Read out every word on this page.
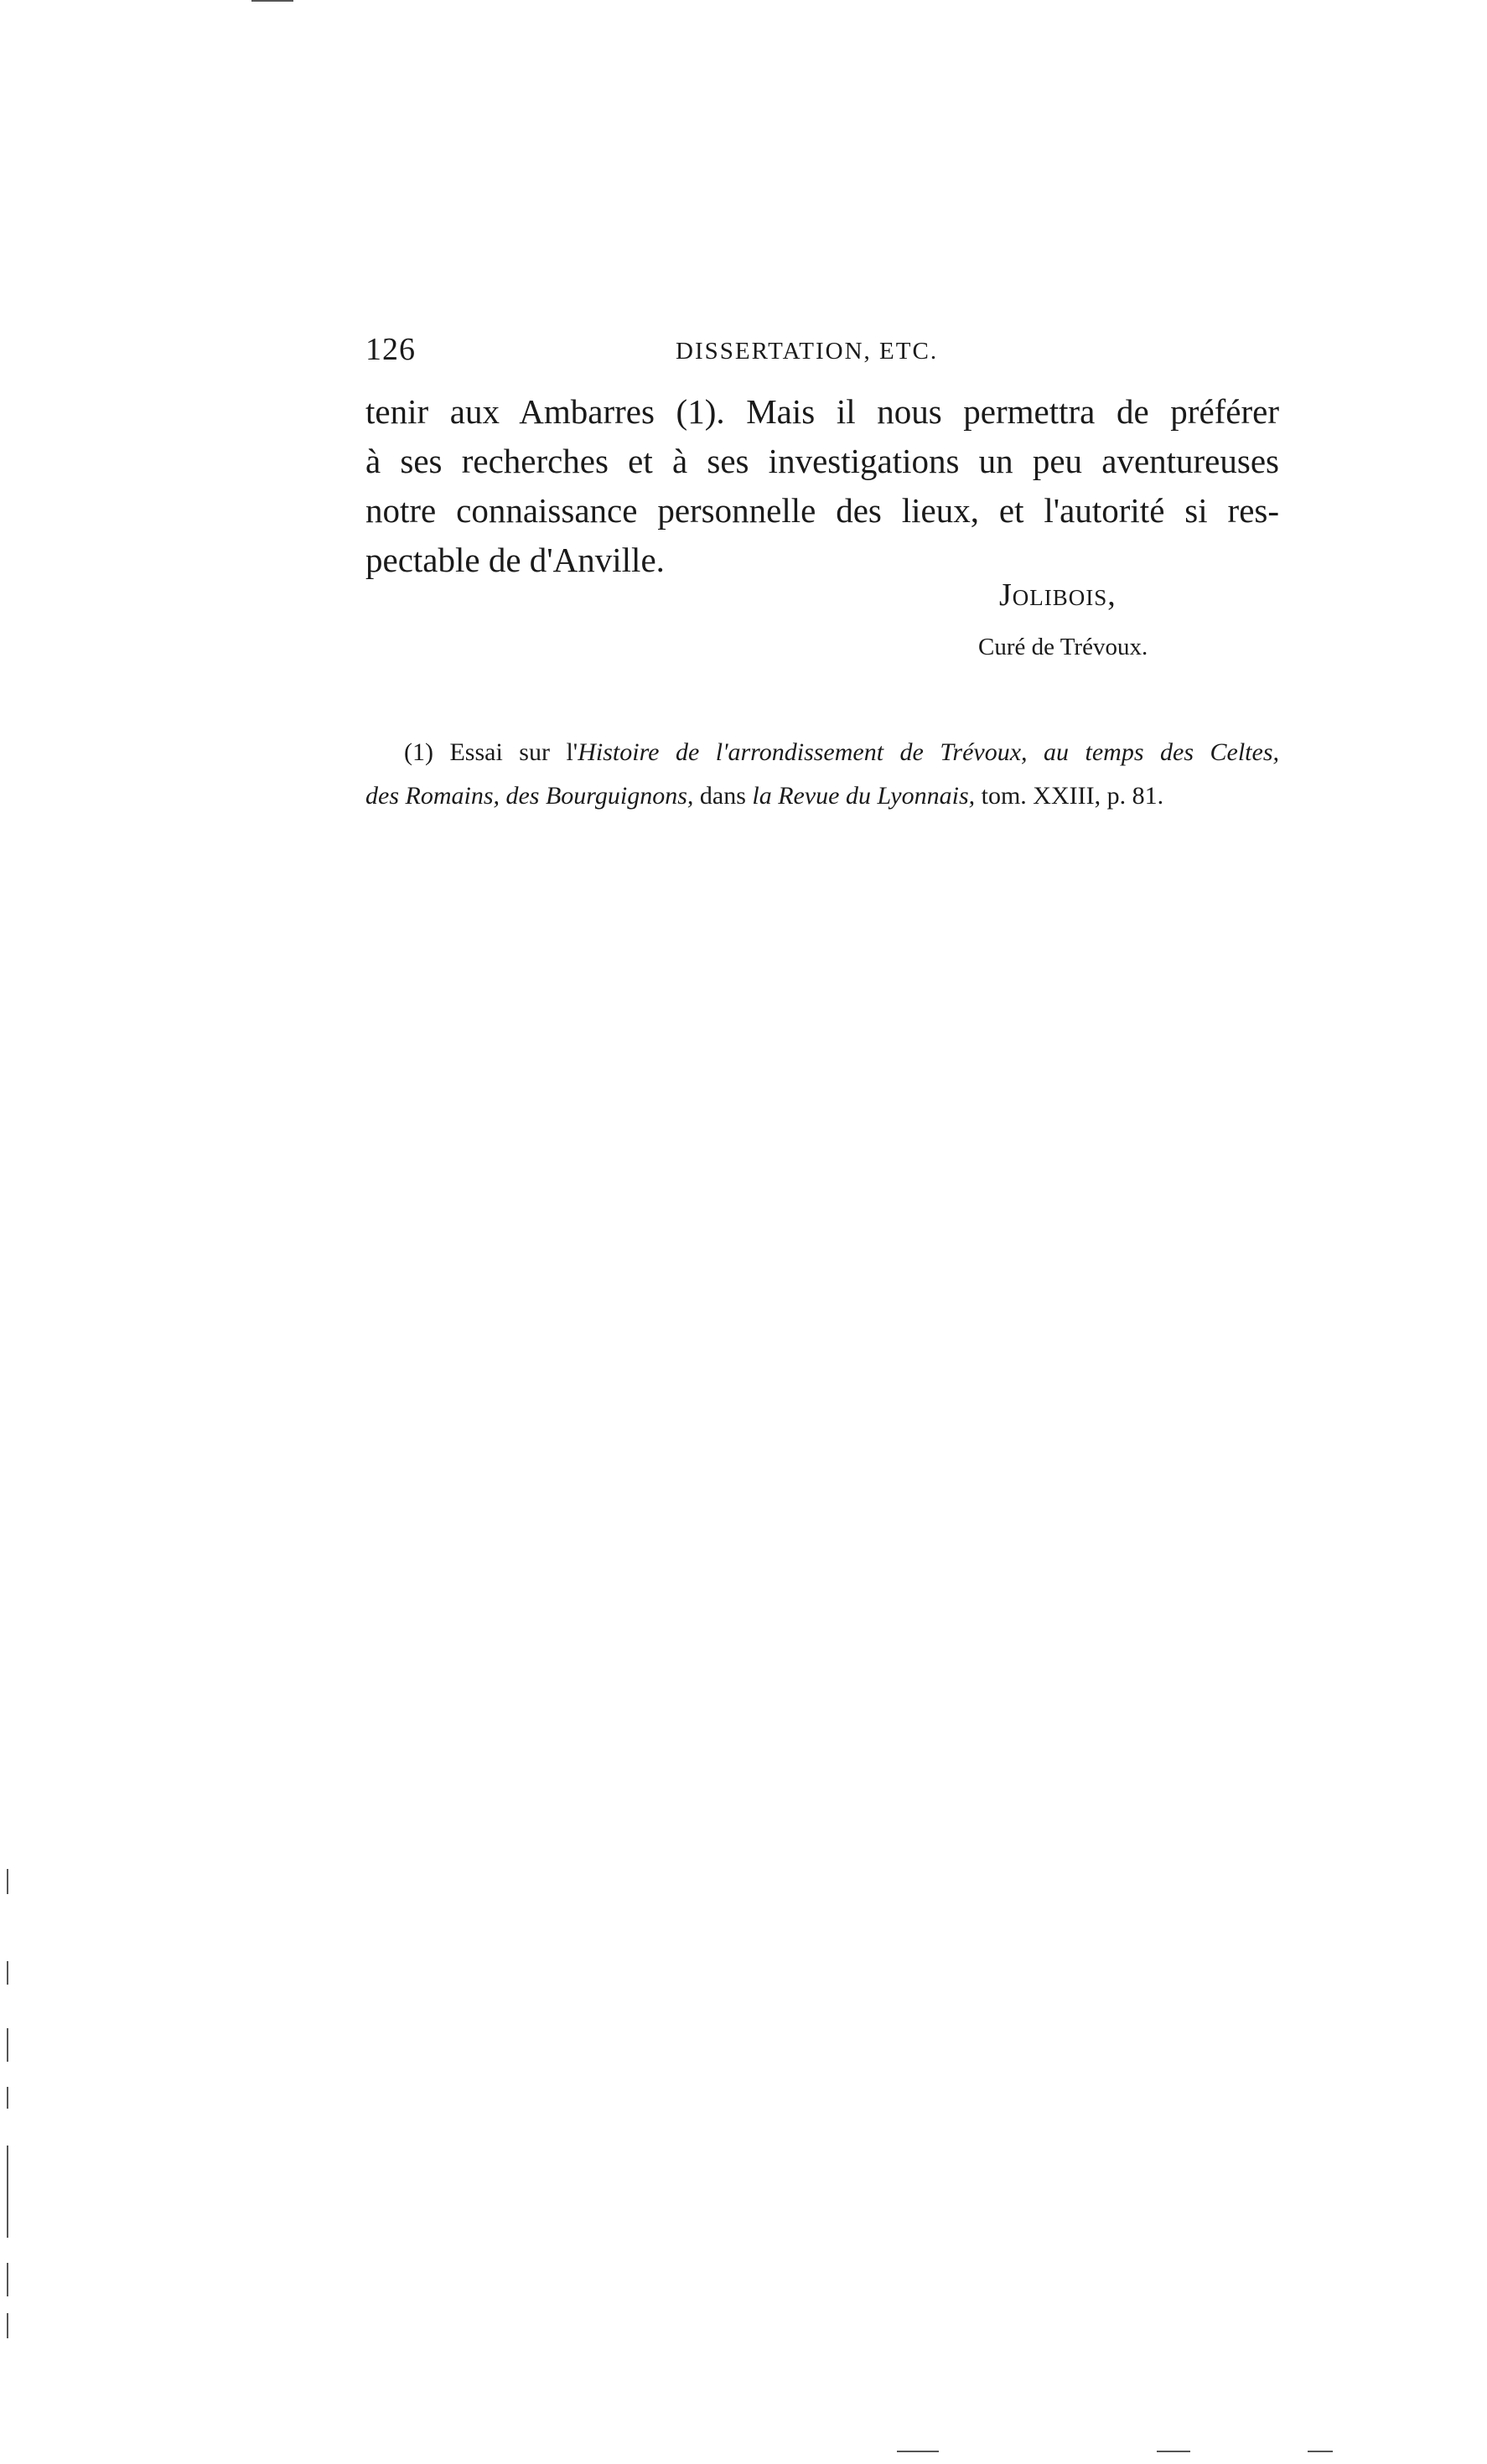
126	DISSERTATION, ETC.
tenir aux Ambarres (1). Mais il nous permettra de préférer
à ses recherches et à ses investigations un peu aventureuses
notre connaissance personnelle des lieux, et l'autorité si res-
pectable de d'Anville.
Jolibois,
Curé de Trévoux.
(1) Essai sur l'Histoire de l'arrondissement de Trévoux, au temps des Celtes,
des Romains, des Bourguignons, dans la Revue du Lyonnais, tom. XXIII, p. 81.
